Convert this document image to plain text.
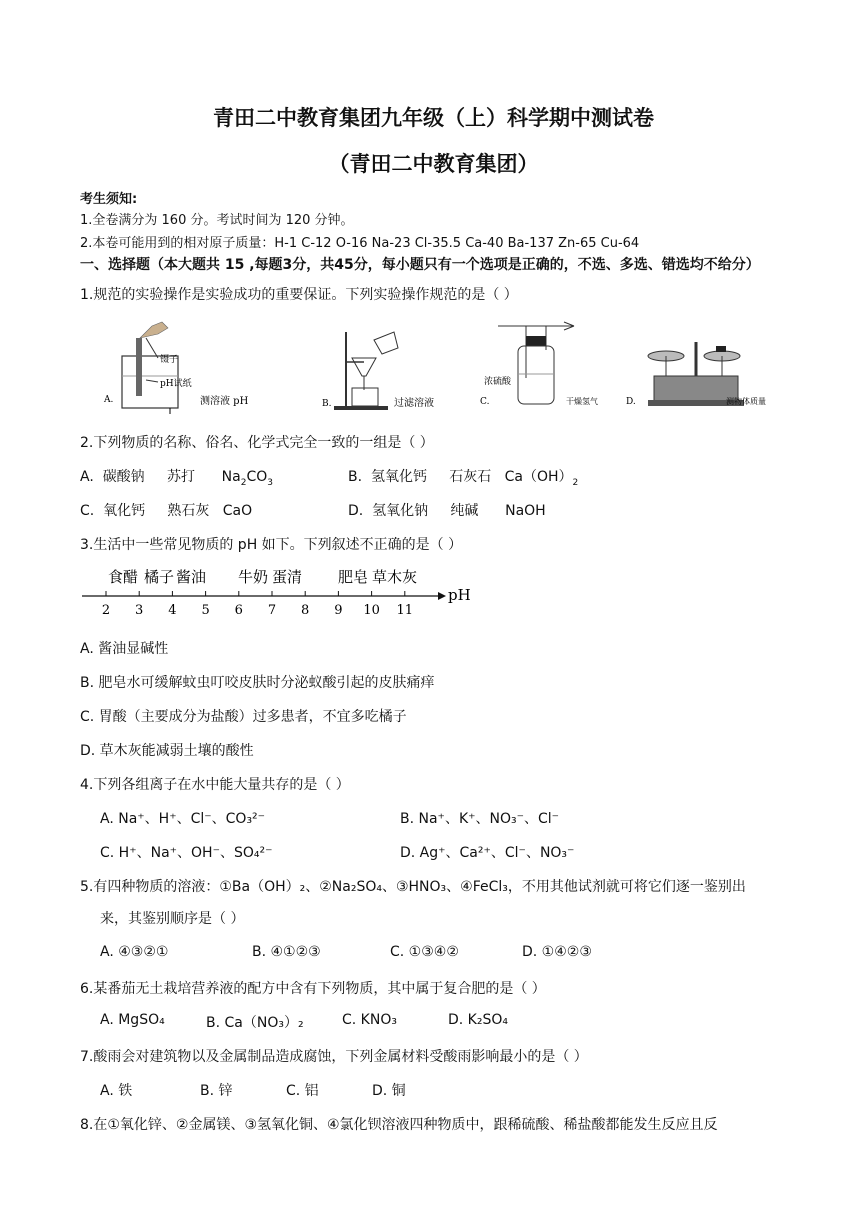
青田二中教育集团九年级（上）科学期中测试卷
（青田二中教育集团）
考生须知:
1.全卷满分为 160 分。考试时间为 120 分钟。
2.本卷可能用到的相对原子质量：H-1 C-12 O-16 Na-23 Cl-35.5 Ca-40 Ba-137 Zn-65 Cu-64
一、选择题（本大题共 15 ,每题3分，共45分，每小题只有一个选项是正确的，不选、多选、错选均不给分）
1.规范的实验操作是实验成功的重要保证。下列实验操作规范的是（ ）
镊子
pH试纸
A.	测溶液 pH	B.	过滤溶液
浓硫酸
C.	干燥氢气	D.	测物体质量
2.下列物质的名称、俗名、化学式完全一致的一组是（ ）
A. 碳酸钠 苏打 $Na_2CO_3$	B. 氢氧化钙 石灰石 $Ca(OH)_2$
C. 氧化钙 熟石灰 CaO	D. 氢氧化钠 纯碱 NaOH
3.生活中一些常见物质的 pH 如下。下列叙述不正确的是（ ）
食醋 橘子 酱油 牛奶 蛋清 肥皂 草木灰
pH
2 3 4 5 6 7 8 9 10 11
A. 酱油显碱性
B. 肥皂水可缓解蚊虫叮咬皮肤时分泌蚁酸引起的皮肤痛痒
C. 胃酸（主要成分为盐酸）过多患者，不宜多吃橘子
D. 草木灰能减弱土壤的酸性
4.下列各组离子在水中能大量共存的是（ ）
A. Na⁺、H⁺、Cl⁻、CO₃²⁻	B. Na⁺、K⁺、NO₃⁻、Cl⁻
C. H⁺、Na⁺、OH⁻、SO₄²⁻	D. Ag⁺、Ca²⁺、Cl⁻、NO₃⁻
5.有四种物质的溶液：①Ba（OH）₂、②Na₂SO₄、③HNO₃、④FeCl₃，不用其他试剂就可将它们逐一鉴别出
来，其鉴别顺序是（ ）
A. ④③②①	B. ④①②③	C. ①③④②	D. ①④②③
6.某番茄无土栽培营养液的配方中含有下列物质，其中属于复合肥的是（ ）
A. MgSO₄	B. Ca（NO₃）₂	C. KNO₃	D. K₂SO₄
7.酸雨会对建筑物以及金属制品造成腐蚀，下列金属材料受酸雨影响最小的是（ ）
A. 铁	B. 锌	C. 铝	D. 铜
8.在①氧化锌、②金属镁、③氢氧化铜、④氯化钡溶液四种物质中，跟稀硫酸、稀盐酸都能发生反应且反
